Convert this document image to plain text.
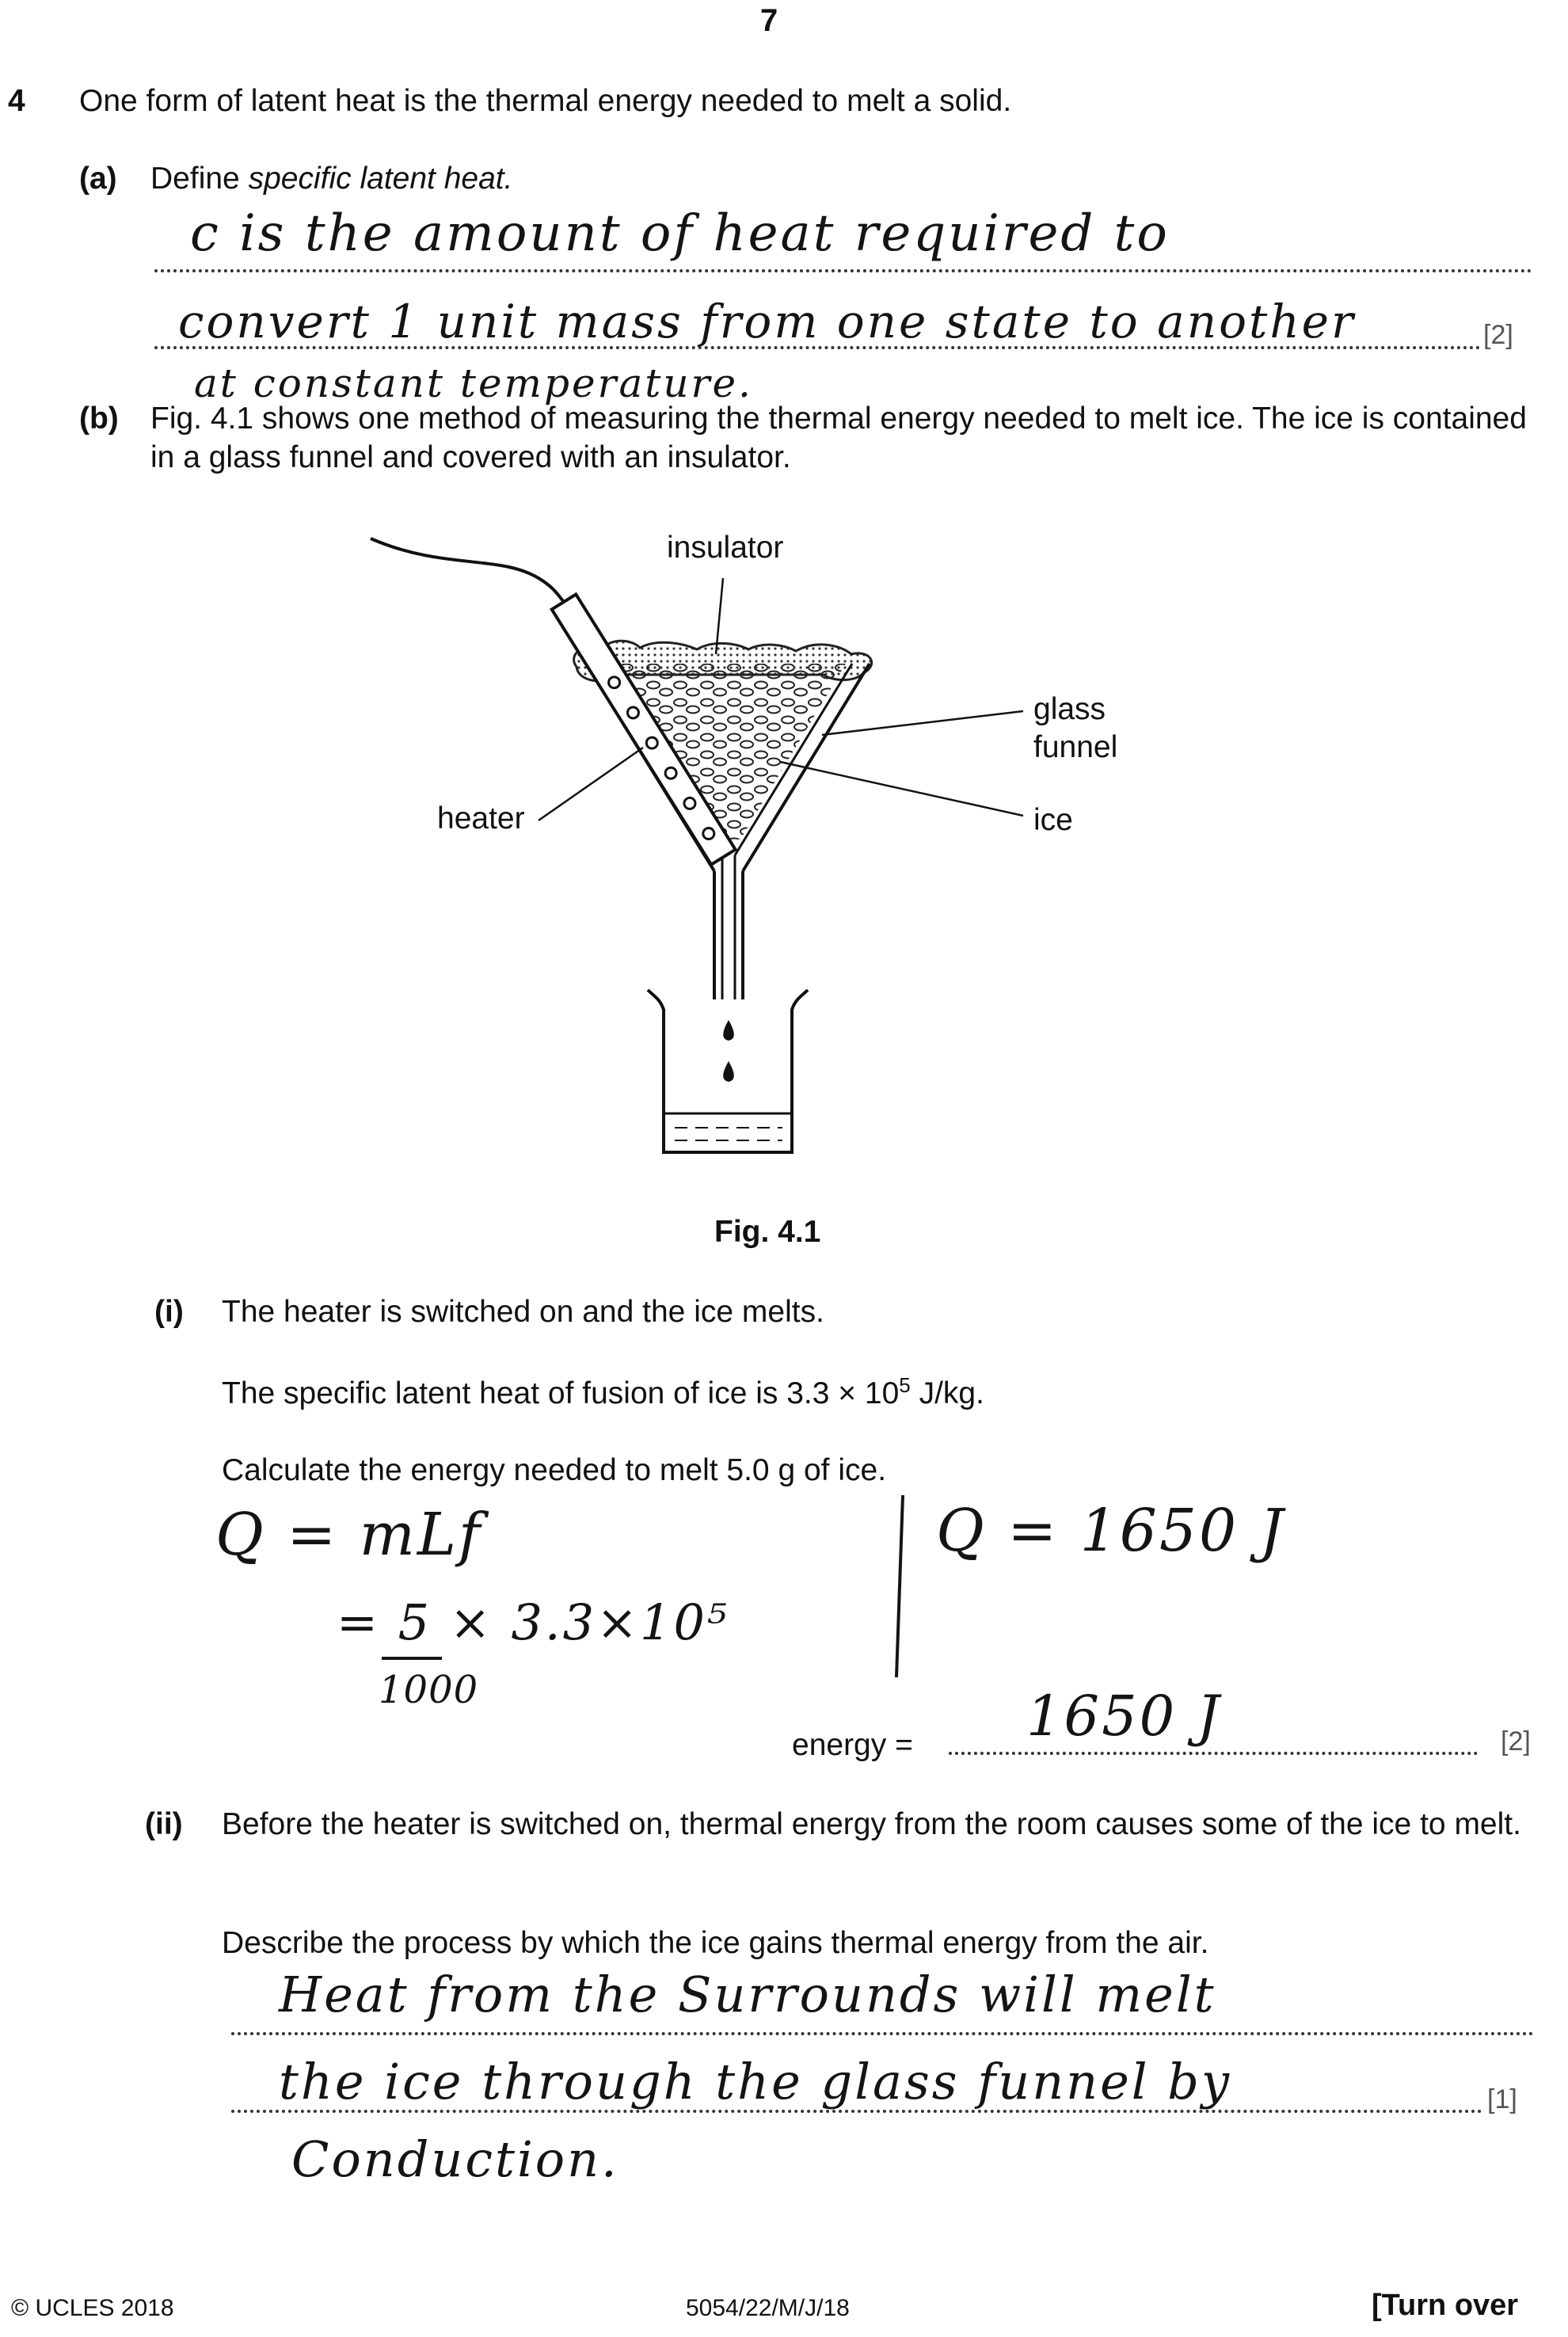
7
4 One form of latent heat is the thermal energy needed to melt a solid.
(a) Define specific latent heat.
c is the amount of heat required to
convert 1 unit mass from one state to another	[2]
at constant temperature.
(b) Fig. 4.1 shows one method of measuring the thermal energy needed to melt ice. The ice is contained in a glass funnel and covered with an insulator.
insulator
glass
funnel
heater	ice
Fig. 4.1
(i) The heater is switched on and the ice melts.
The specific latent heat of fusion of ice is $3.3 \times 10^5$ J/kg.
Calculate the energy needed to melt 5.0 g of ice.
Q = mLf
= 5 × 3.3×10⁵
1000
Q = 1650 J
energy = 1650 J	[2]
(ii) Before the heater is switched on, thermal energy from the room causes some of the ice to melt.
Describe the process by which the ice gains thermal energy from the air.
Heat from the Surrounds will melt
the ice through the glass funnel by	[1]
Conduction.
© UCLES 2018	5054/22/M/J/18	[Turn over
